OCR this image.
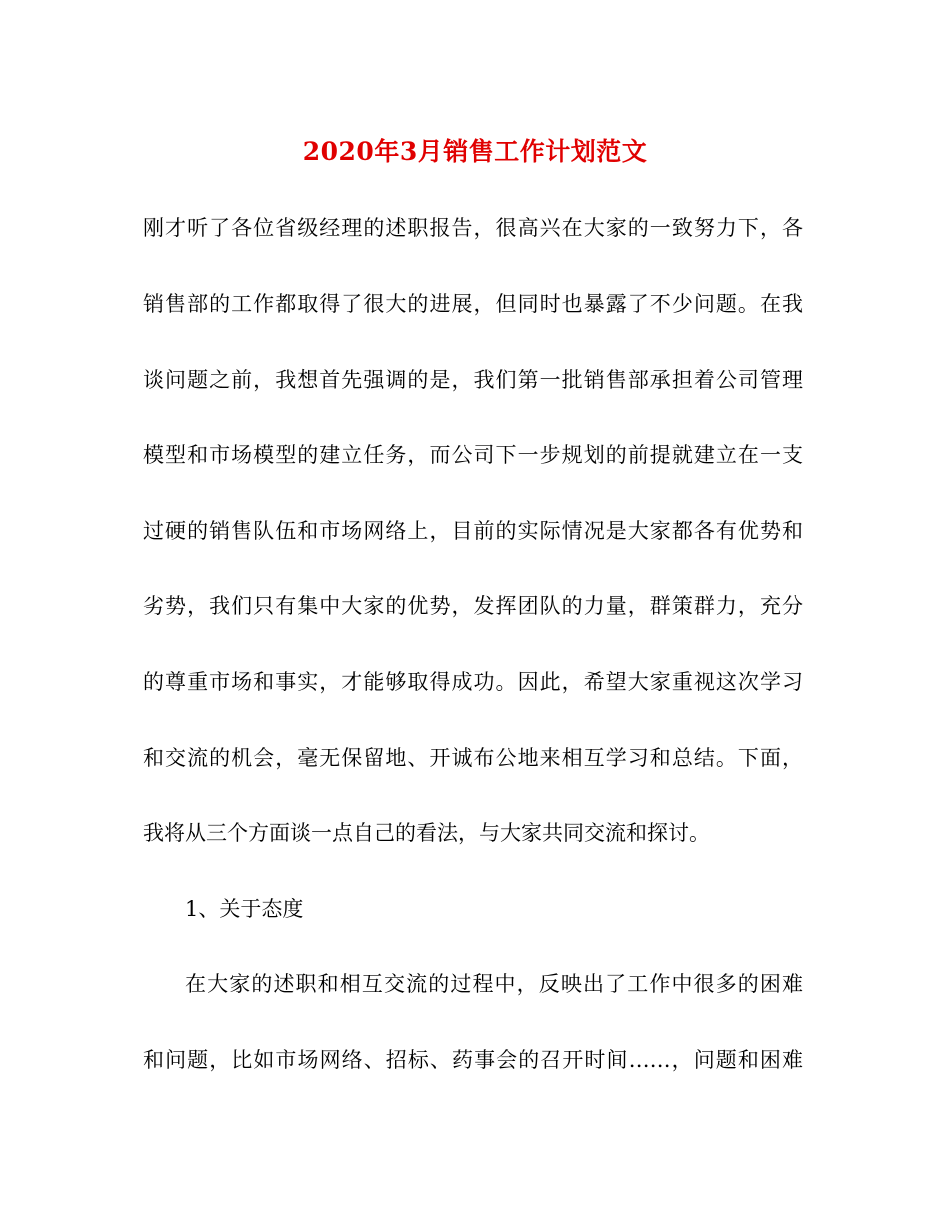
2020年3月销售工作计划范文
刚才听了各位省级经理的述职报告，很高兴在大家的一致努力下，各
销售部的工作都取得了很大的进展，但同时也暴露了不少问题。在我
谈问题之前，我想首先强调的是，我们第一批销售部承担着公司管理
模型和市场模型的建立任务，而公司下一步规划的前提就建立在一支
过硬的销售队伍和市场网络上，目前的实际情况是大家都各有优势和
劣势，我们只有集中大家的优势，发挥团队的力量，群策群力，充分
的尊重市场和事实，才能够取得成功。因此，希望大家重视这次学习
和交流的机会，毫无保留地、开诚布公地来相互学习和总结。下面，
我将从三个方面谈一点自己的看法，与大家共同交流和探讨。
1、关于态度
在大家的述职和相互交流的过程中，反映出了工作中很多的困难
和问题，比如市场网络、招标、药事会的召开时间……，问题和困难
